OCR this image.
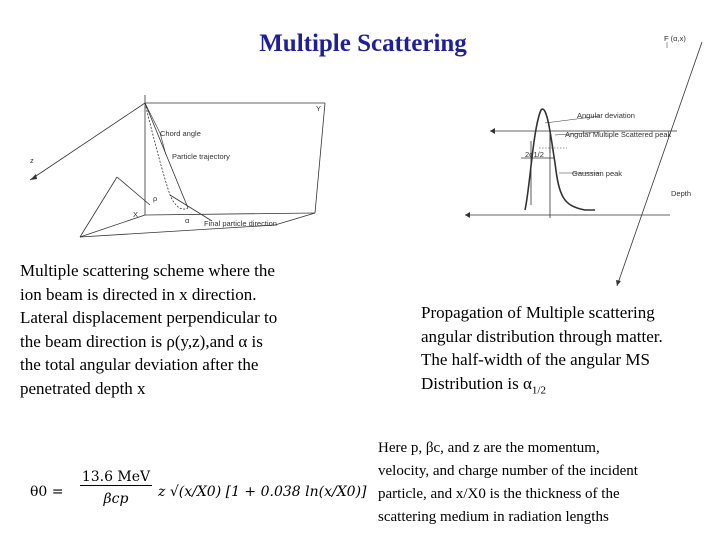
Multiple Scattering
Y
z
X
Chord angle
Particle trajectory
ρ
α Final particle direction
F (α,x)
Angular deviation
Angular Multiple Scattered peak
2α1/2
Gaussian peak
Depth
Multiple scattering scheme where the
ion beam is directed in x direction.
Lateral displacement perpendicular to
the beam direction is ρ(y,z),and α is
the total angular deviation after the
penetrated depth x
Propagation of Multiple scattering
angular distribution through matter.
The half-width of the angular MS
Distribution is $\alpha_{1/2}$
θ0 =
13.6 MeV
βcp	z √(x/X0) [1 + 0.038 ln(x/X0)]
Here p, βc, and z are the momentum,
velocity, and charge number of the incident
particle, and x/X0 is the thickness of the
scattering medium in radiation lengths
